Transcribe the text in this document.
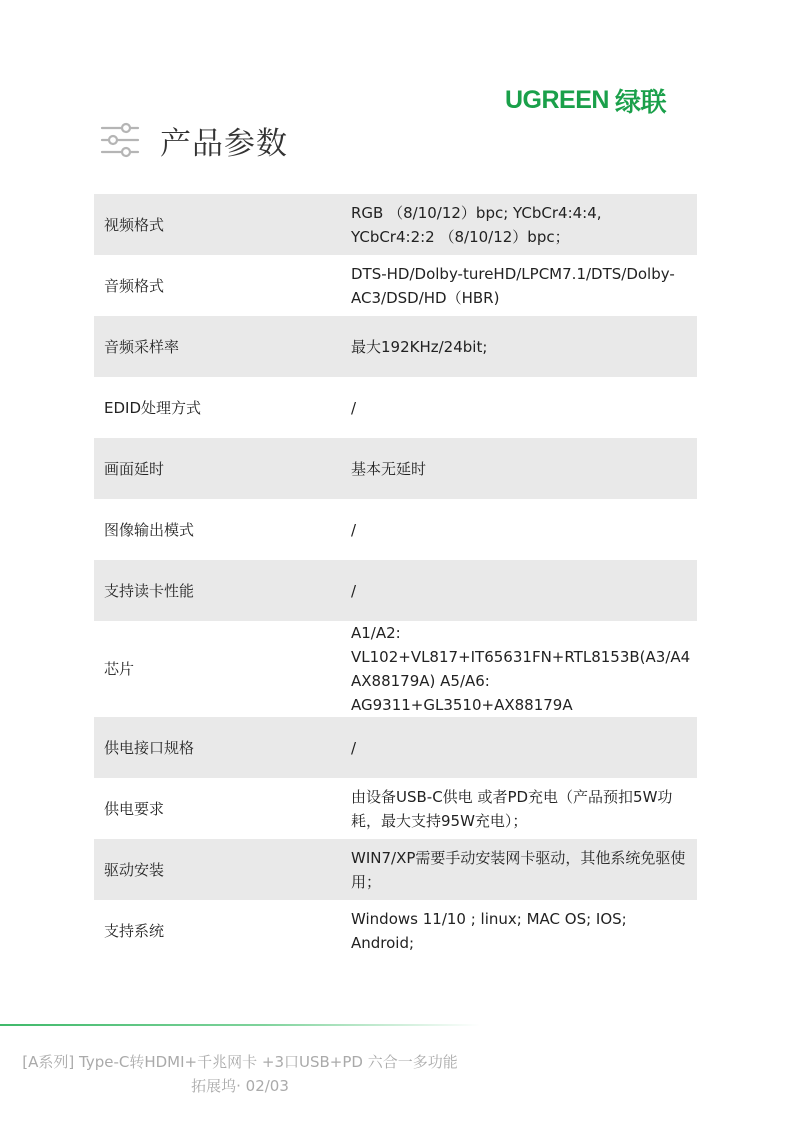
UGREEN 绿联
产品参数
视频格式	RGB （8/10/12）bpc; YCbCr4:4:4, YCbCr4:2:2 （8/10/12）bpc；
音频格式	DTS-HD/Dolby-tureHD/LPCM7.1/DTS/Dolby-AC3/DSD/HD（HBR)
音频采样率	最大192KHz/24bit;
EDID处理方式	/
画面延时	基本无延时
图像输出模式	/
支持读卡性能	/
芯片	A1/A2: VL102+VL817+IT65631FN+RTL8153B(A3/A4 AX88179A) A5/A6: AG9311+GL3510+AX88179A
供电接口规格	/
供电要求	由设备USB-C供电 或者PD充电（产品预扣5W功耗，最大支持95W充电）；
驱动安装	WIN7/XP需要手动安装网卡驱动，其他系统免驱使用；
支持系统	Windows 11/10 ; linux; MAC OS; IOS; Android;
[A系列] Type-C转HDMI+千兆网卡 +3口USB+PD 六合一多功能
拓展坞· 02/03
